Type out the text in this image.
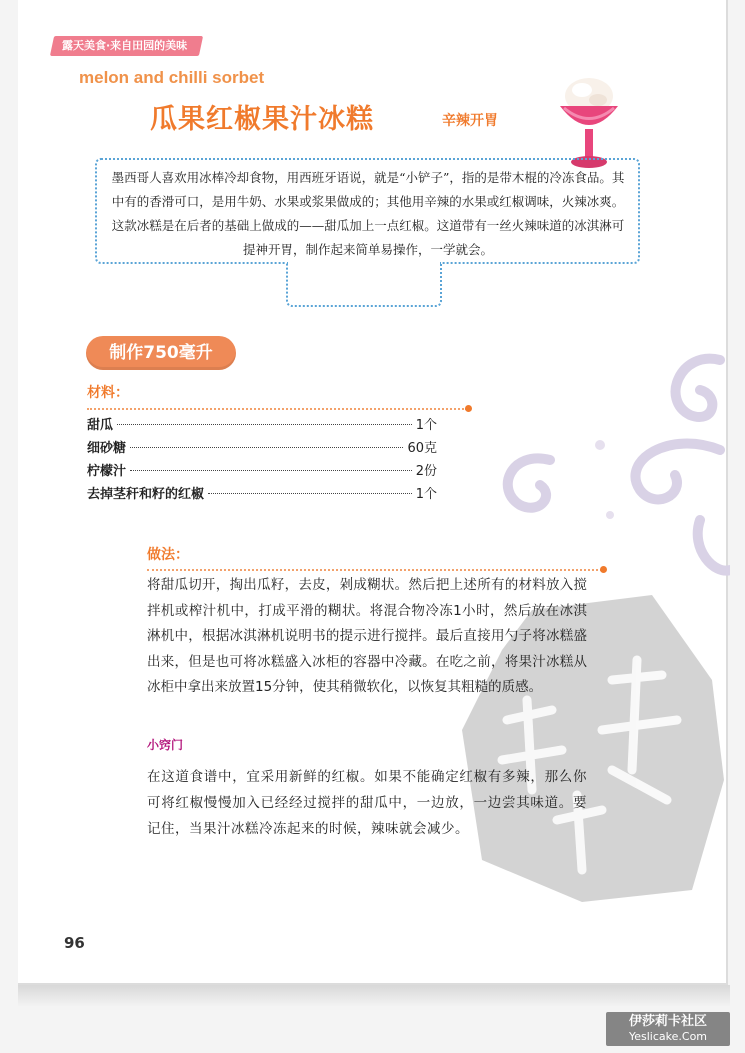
露天美食·来自田园的美味
melon and chilli sorbet
瓜果红椒果汁冰糕	辛辣开胃
墨西哥人喜欢用冰棒冷却食物，用西班牙语说，就是“小铲子”，指的是带木棍的冷冻食品。其中有的香滑可口，是用牛奶、水果或浆果做成的；其他用辛辣的水果或红椒调味，火辣冰爽。这款冰糕是在后者的基础上做成的——甜瓜加上一点红椒。这道带有一丝火辣味道的冰淇淋可提神开胃，制作起来简单易操作，一学就会。
制作750毫升
材料：
甜瓜	1个
细砂糖	60克
柠檬汁	2份
去掉茎秆和籽的红椒	1个
做法：
将甜瓜切开，掏出瓜籽，去皮，剁成糊状。然后把上述所有的材料放入搅拌机或榨汁机中，打成平滑的糊状。将混合物冷冻1小时，然后放在冰淇淋机中，根据冰淇淋机说明书的提示进行搅拌。最后直接用勺子将冰糕盛出来，但是也可将冰糕盛入冰柜的容器中冷藏。在吃之前，将果汁冰糕从冰柜中拿出来放置15分钟，使其稍微软化，以恢复其粗糙的质感。
小窍门
在这道食谱中，宜采用新鲜的红椒。如果不能确定红椒有多辣，那么你可将红椒慢慢加入已经经过搅拌的甜瓜中，一边放，一边尝其味道。要记住，当果汁冰糕冷冻起来的时候，辣味就会减少。
96
伊莎莉卡社区
Yeslicake.Com
